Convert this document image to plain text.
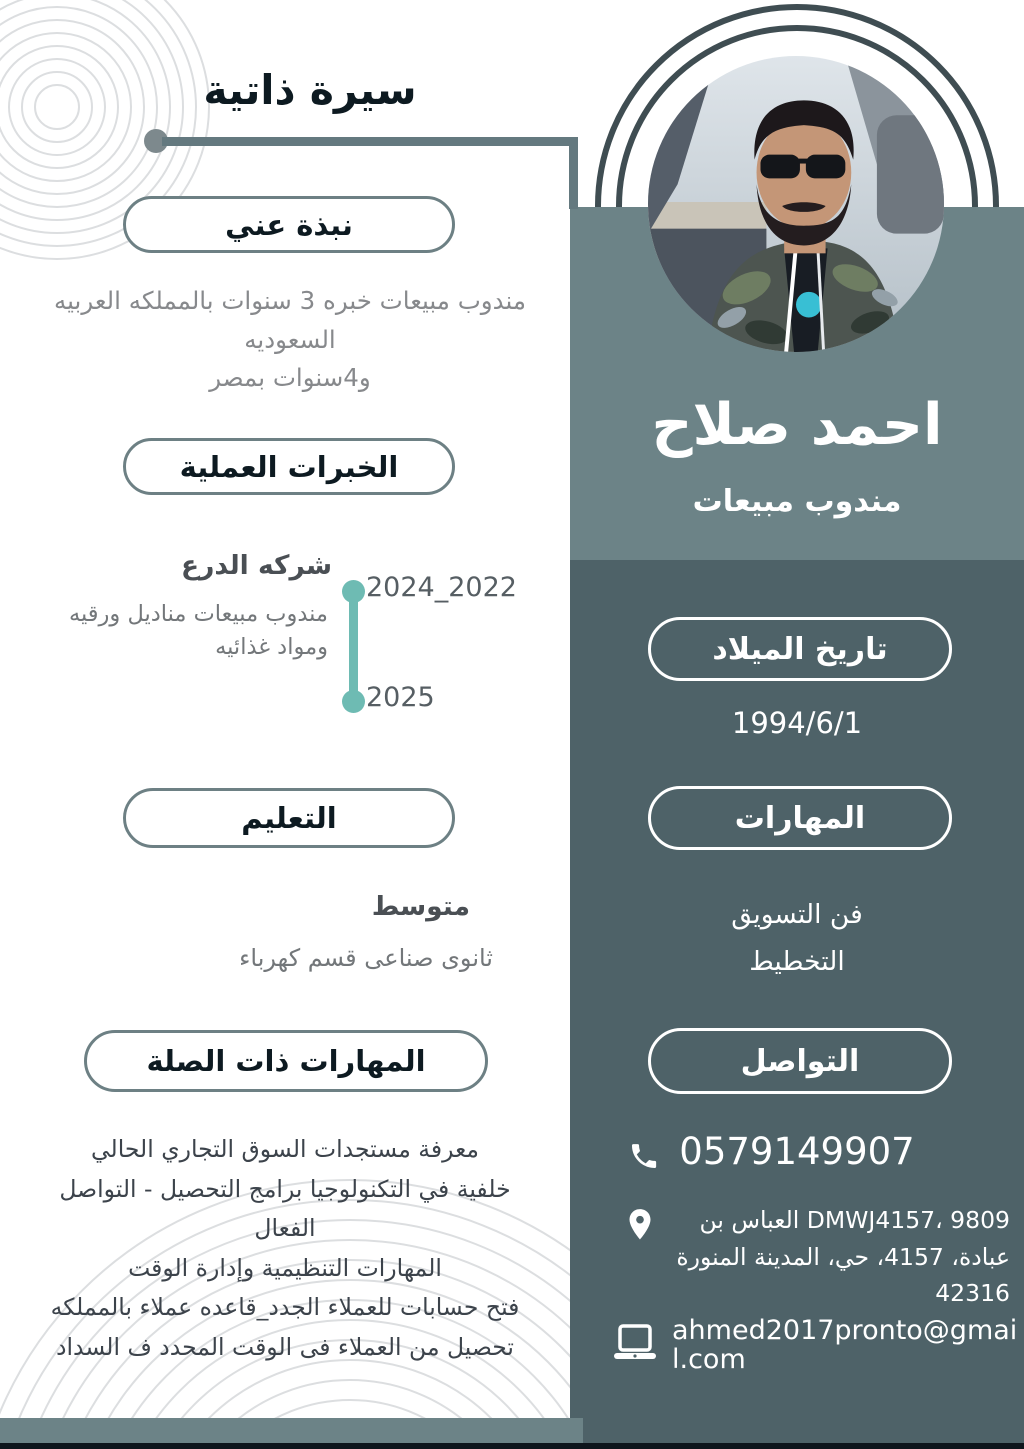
سيرة ذاتية
نبذة عني
مندوب مبيعات خبره 3 سنوات بالمملكه العربيه
السعوديه
و4سنوات بمصر
الخبرات العملية
شركه الدرع
2024_2022
مندوب مبيعات مناديل ورقيه
ومواد غذائيه
2025
التعليم
متوسط
ثانوى صناعى قسم كهرباء
المهارات ذات الصلة
معرفة مستجدات السوق التجاري الحالي
خلفية في التكنولوجيا برامج التحصيل - التواصل
الفعال
المهارات التنظيمية وإدارة الوقت
فتح حسابات للعملاء الجدد_قاعده عملاء بالمملكه
تحصيل من العملاء فى الوقت المحدد ف السداد
احمد صلاح
مندوب مبيعات
تاريخ الميلاد
1994/6/1
المهارات
فن التسويق
التخطيط
التواصل
0579149907
DMWJ4157، 9809 العباس بن
عبادة، 4157، حي، المدينة المنورة
42316
ahmed2017pronto@gmail.com
